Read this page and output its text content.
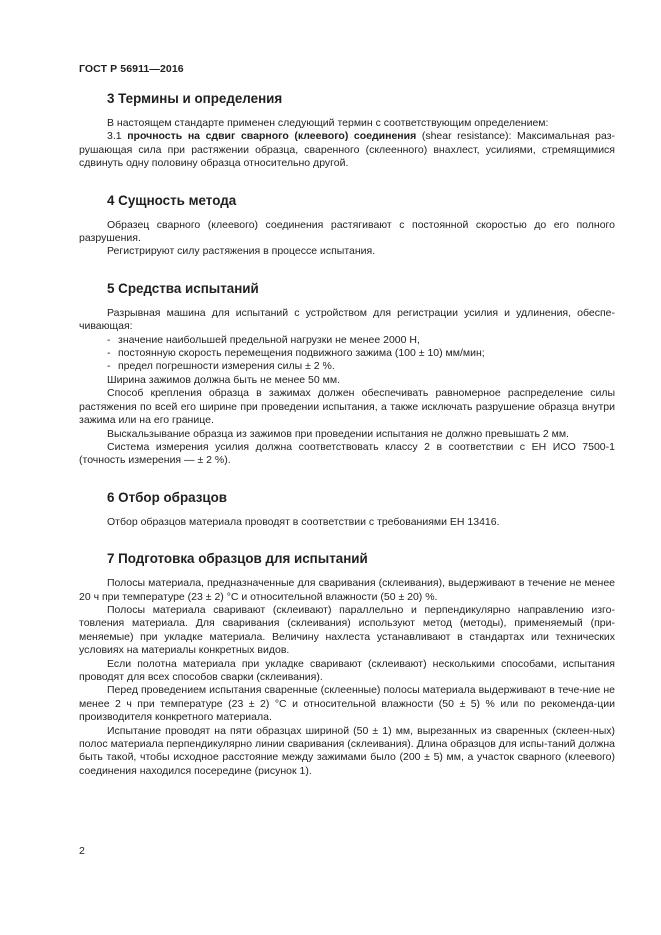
ГОСТ Р 56911—2016
3 Термины и определения

В настоящем стандарте применен следующий термин с соответствующим определением:

3.1 прочность на сдвиг сварного (клеевого) соединения (shear resistance): Максимальная раз-рушающая сила при растяжении образца, сваренного (склеенного) внахлест, усилиями, стремящимися сдвинуть одну половину образца относительно другой.

4 Сущность метода

Образец сварного (клеевого) соединения растягивают с постоянной скоростью до его полного разрушения.

Регистрируют силу растяжения в процессе испытания.

5 Средства испытаний

Разрывная машина для испытаний с устройством для регистрации усилия и удлинения, обеспе-чивающая:

- значение наибольшей предельной нагрузки не менее 2000 Н,
- постоянную скорость перемещения подвижного зажима (100 ± 10) мм/мин;
- предел погрешности измерения силы ± 2 %.

Ширина зажимов должна быть не менее 50 мм.

Способ крепления образца в зажимах должен обеспечивать равномерное распределение силы растяжения по всей его ширине при проведении испытания, а также исключать разрушение образца внутри зажима или на его границе.

Выскальзывание образца из зажимов при проведении испытания не должно превышать 2 мм.

Система измерения усилия должна соответствовать классу 2 в соответствии с ЕН ИСО 7500-1 (точность измерения — ± 2 %).

6 Отбор образцов

Отбор образцов материала проводят в соответствии с требованиями ЕН 13416.

7 Подготовка образцов для испытаний

Полосы материала, предназначенные для сваривания (склеивания), выдерживают в течение не менее 20 ч при температуре (23 ± 2) °С и относительной влажности (50 ± 20) %.

Полосы материала сваривают (склеивают) параллельно и перпендикулярно направлению изго-товления материала. Для сваривания (склеивания) используют метод (методы), применяемый (при-меняемые) при укладке материала. Величину нахлеста устанавливают в стандартах или технических условиях на материалы конкретных видов.

Если полотна материала при укладке сваривают (склеивают) несколькими способами, испытания проводят для всех способов сварки (склеивания).

Перед проведением испытания сваренные (склеенные) полосы материала выдерживают в тече-ние не менее 2 ч при температуре (23 ± 2) °С и относительной влажности (50 ± 5) % или по рекоменда-ции производителя конкретного материала.

Испытание проводят на пяти образцах шириной (50 ± 1) мм, вырезанных из сваренных (склеен-ных) полос материала перпендикулярно линии сваривания (склеивания). Длина образцов для испы-таний должна быть такой, чтобы исходное расстояние между зажимами было (200 ± 5) мм, а участок сварного (клеевого) соединения находился посередине (рисунок 1).

2
